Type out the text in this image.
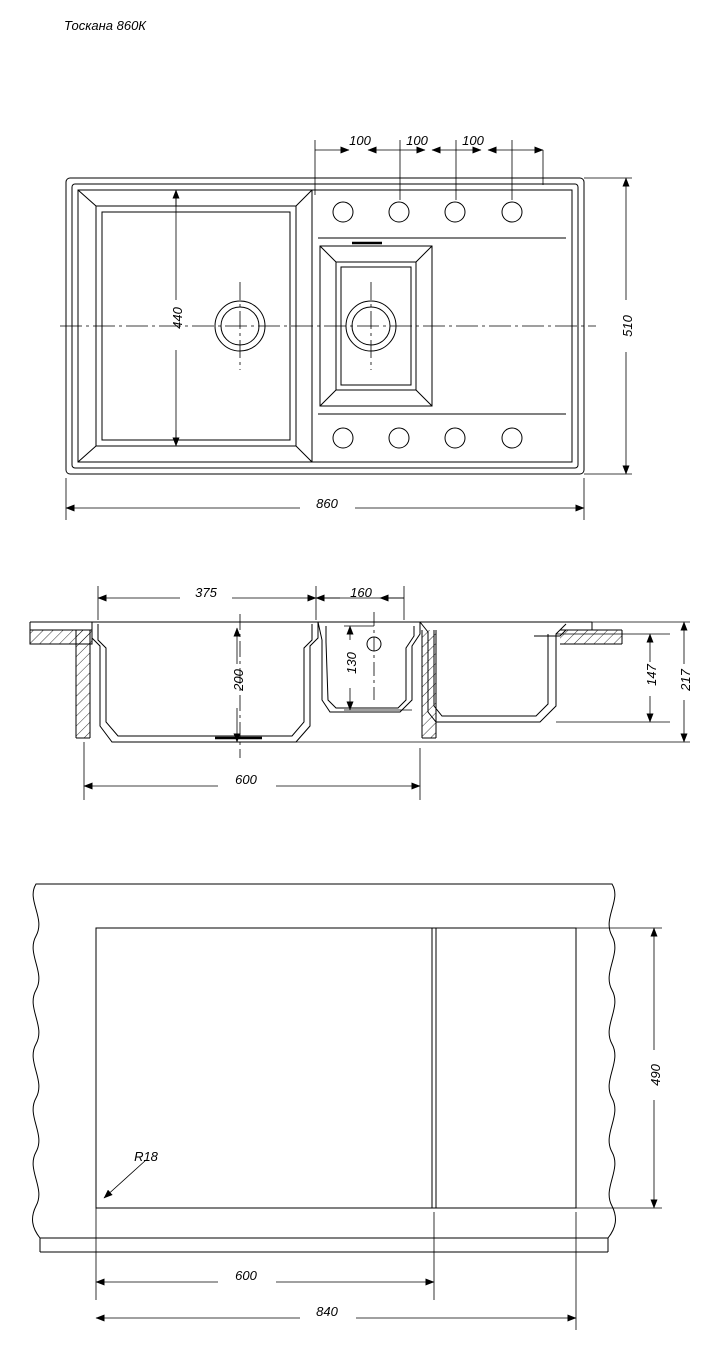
Тоскана 860К
100	100	100
440	510
860
375	160
200
130
147 217
600
490
R18
600
840
